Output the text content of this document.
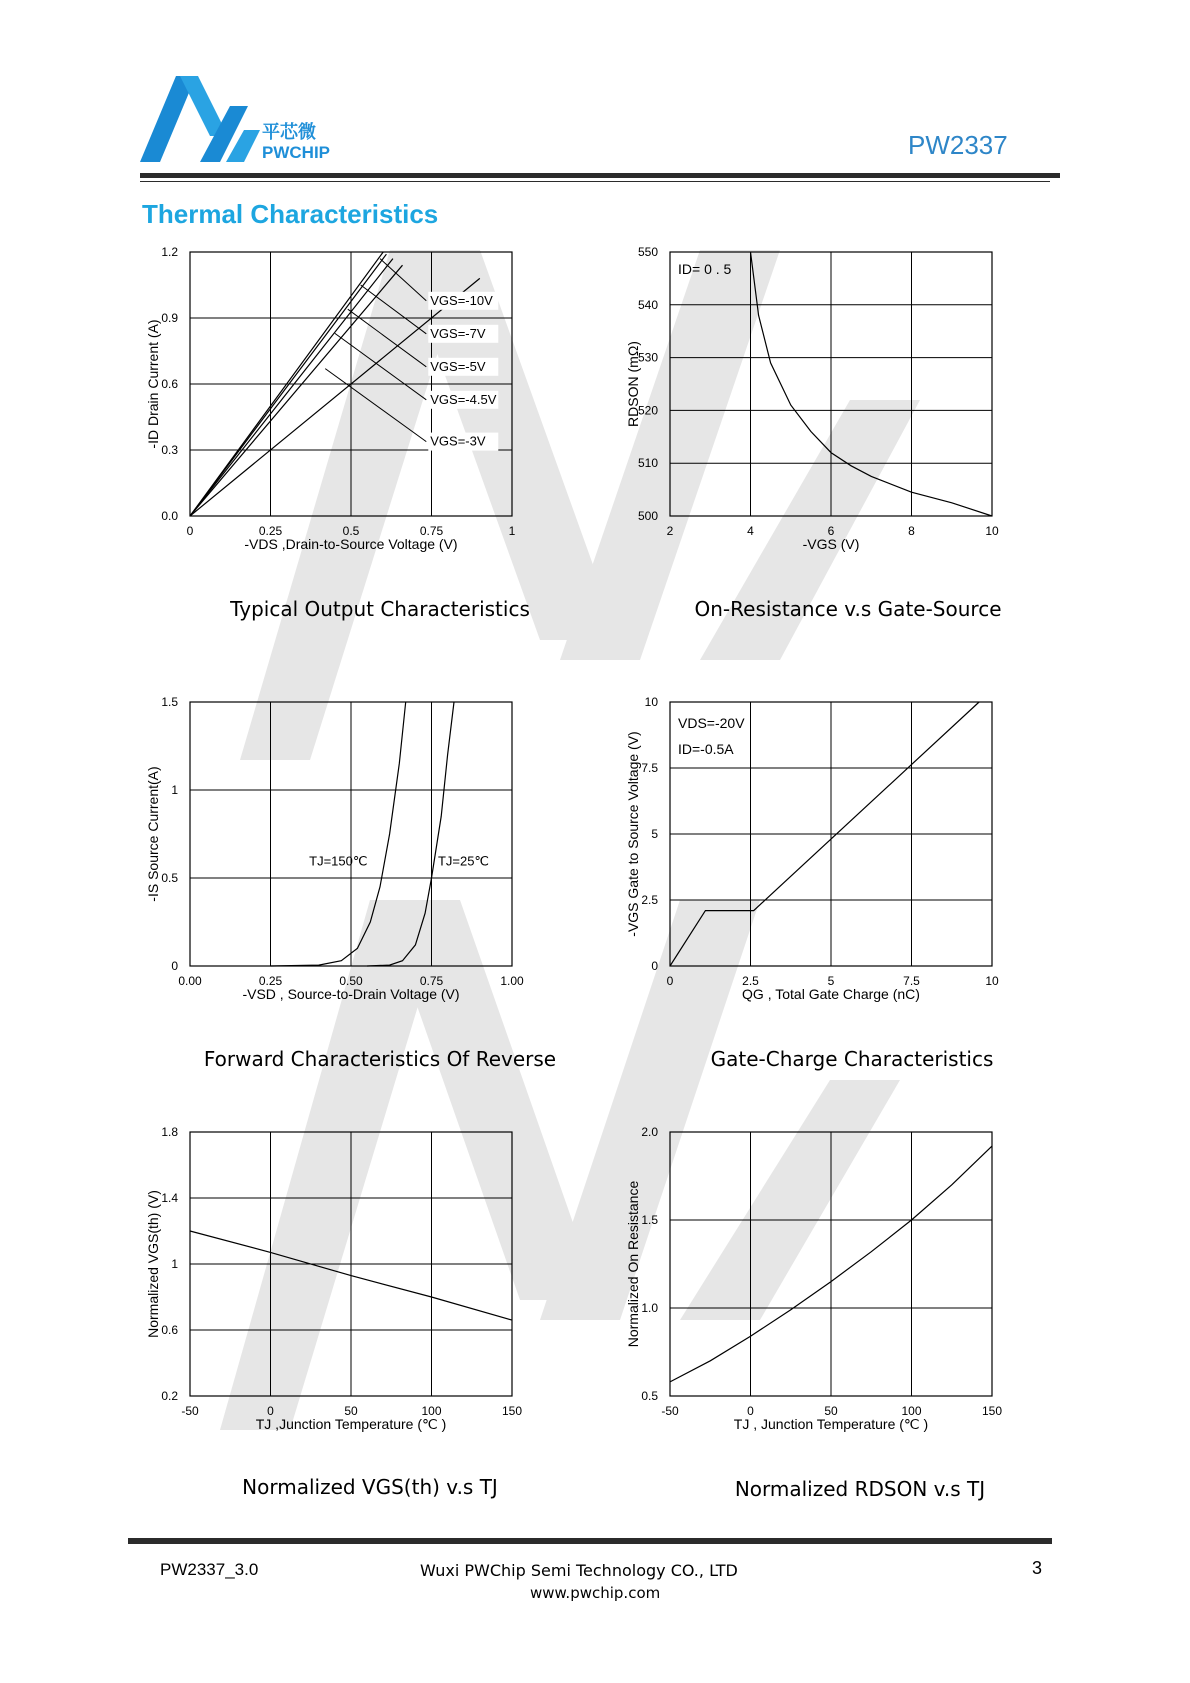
平芯微
PWCHIP	PW2337
Thermal Characteristics
0	0.25	0.5	0.75	1
0.0
0.3
0.6
0.9
1.2
-VDS ,Drain-to-Source Voltage (V)
-ID Drain Current (A)
VGS=-10V
VGS=-7V
VGS=-5V
VGS=-4.5V
VGS=-3V
2	4	6	8	10
500
510
520
530
540
550
-VGS (V)
RDSON (mΩ)
ID= 0 . 5
0.00	0.25	0.50	0.75	1.00
0
0.5
1
1.5
-VSD , Source-to-Drain Voltage (V)
-IS Source Current(A)	TJ=150℃	TJ=25℃
0	2.5	5	7.5	10
0
2.5
5
7.5
10
QG , Total Gate Charge (nC)
-VGS Gate to Source Voltage (V)
VDS=-20V
ID=-0.5A
-50	0	50	100	150
0.2
0.6
1
1.4
1.8
TJ ,Junction Temperature (℃ )
Normalized VGS(th) (V)
-50	0	50	100	150
0.5
1.0
1.5
2.0
TJ , Junction Temperature (℃ )
Normalized On Resistance
Typical Output Characteristics	On-Resistance v.s Gate-Source
Forward Characteristics Of Reverse	Gate-Charge Characteristics
Normalized VGS(th) v.s TJ	Normalized RDSON v.s TJ
PW2337_3.0	Wuxi PWChip Semi Technology CO., LTD	3
www.pwchip.com
